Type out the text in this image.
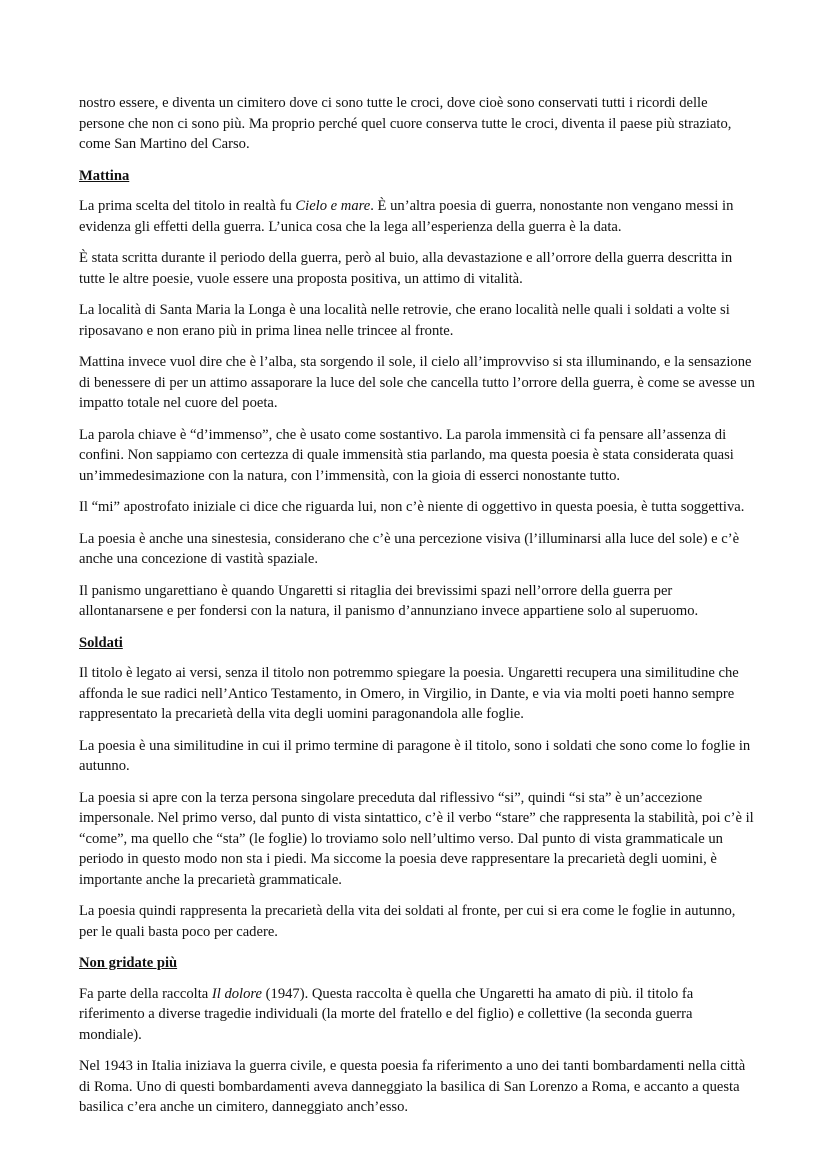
nostro essere, e diventa un cimitero dove ci sono tutte le croci, dove cioè sono conservati tutti i ricordi delle persone che non ci sono più. Ma proprio perché quel cuore conserva tutte le croci, diventa il paese più straziato, come San Martino del Carso.

Mattina

La prima scelta del titolo in realtà fu Cielo e mare. È un’altra poesia di guerra, nonostante non vengano messi in evidenza gli effetti della guerra. L’unica cosa che la lega all’esperienza della guerra è la data.

È stata scritta durante il periodo della guerra, però al buio, alla devastazione e all’orrore della guerra descritta in tutte le altre poesie, vuole essere una proposta positiva, un attimo di vitalità.

La località di Santa Maria la Longa è una località nelle retrovie, che erano località nelle quali i soldati a volte si riposavano e non erano più in prima linea nelle trincee al fronte.

Mattina invece vuol dire che è l’alba, sta sorgendo il sole, il cielo all’improvviso si sta illuminando, e la sensazione di benessere di per un attimo assaporare la luce del sole che cancella tutto l’orrore della guerra, è come se avesse un impatto totale nel cuore del poeta.

La parola chiave è “d’immenso”, che è usato come sostantivo. La parola immensità ci fa pensare all’assenza di confini. Non sappiamo con certezza di quale immensità stia parlando, ma questa poesia è stata considerata quasi un’immedesimazione con la natura, con l’immensità, con la gioia di esserci nonostante tutto.

Il “mi” apostrofato iniziale ci dice che riguarda lui, non c’è niente di oggettivo in questa poesia, è tutta soggettiva.

La poesia è anche una sinestesia, considerano che c’è una percezione visiva (l’illuminarsi alla luce del sole) e c’è anche una concezione di vastità spaziale.

Il panismo ungarettiano è quando Ungaretti si ritaglia dei brevissimi spazi nell’orrore della guerra per allontanarsene e per fondersi con la natura, il panismo d’annunziano invece appartiene solo al superuomo.

Soldati

Il titolo è legato ai versi, senza il titolo non potremmo spiegare la poesia. Ungaretti recupera una similitudine che affonda le sue radici nell’Antico Testamento, in Omero, in Virgilio, in Dante, e via via molti poeti hanno sempre rappresentato la precarietà della vita degli uomini paragonandola alle foglie.

La poesia è una similitudine in cui il primo termine di paragone è il titolo, sono i soldati che sono come lo foglie in autunno.

La poesia si apre con la terza persona singolare preceduta dal riflessivo “si”, quindi “si sta” è un’accezione impersonale. Nel primo verso, dal punto di vista sintattico, c’è il verbo “stare” che rappresenta la stabilità, poi c’è il “come”, ma quello che “sta” (le foglie) lo troviamo solo nell’ultimo verso. Dal punto di vista grammaticale un periodo in questo modo non sta i piedi. Ma siccome la poesia deve rappresentare la precarietà degli uomini, è importante anche la precarietà grammaticale.

La poesia quindi rappresenta la precarietà della vita dei soldati al fronte, per cui si era come le foglie in autunno, per le quali basta poco per cadere.

Non gridate più

Fa parte della raccolta Il dolore (1947). Questa raccolta è quella che Ungaretti ha amato di più. il titolo fa riferimento a diverse tragedie individuali (la morte del fratello e del figlio) e collettive (la seconda guerra mondiale).

Nel 1943 in Italia iniziava la guerra civile, e questa poesia fa riferimento a uno dei tanti bombardamenti nella città di Roma. Uno di questi bombardamenti aveva danneggiato la basilica di San Lorenzo a Roma, e accanto a questa basilica c’era anche un cimitero, danneggiato anch’esso.
